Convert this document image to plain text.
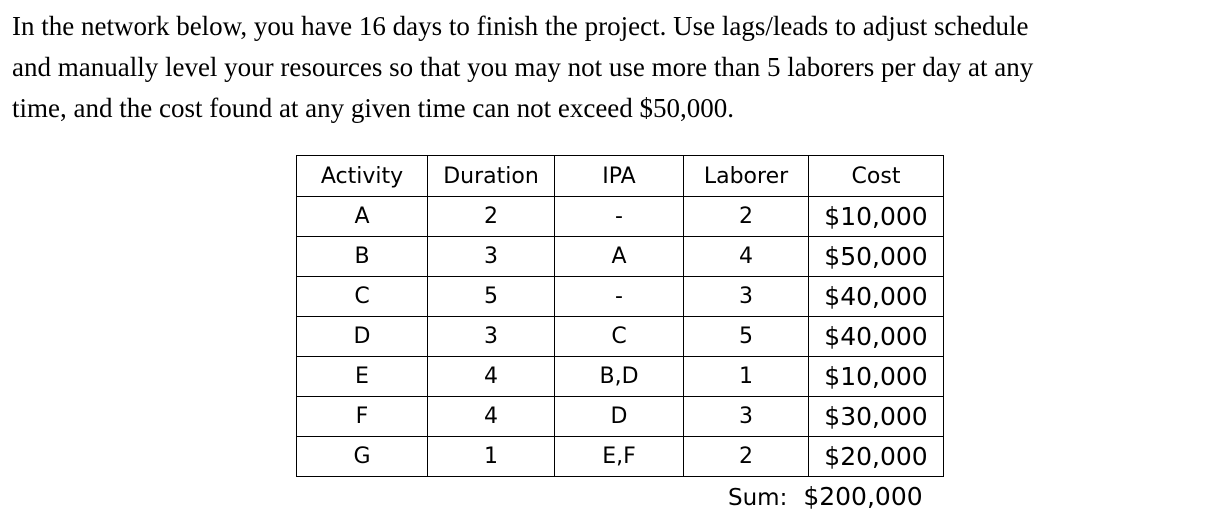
In the network below, you have 16 days to finish the project. Use lags/leads to adjust schedule
and manually level your resources so that you may not use more than 5 laborers per day at any
time, and the cost found at any given time can not exceed $50,000.

Activity	Duration	IPA	Laborer	Cost
A	2	-	2	$10,000
B	3	A	4	$50,000
C	5	-	3	$40,000
D	3	C	5	$40,000
E	4	B,D	1	$10,000
F	4	D	3	$30,000
G	1	E,F	2	$20,000
Sum: $200,000
